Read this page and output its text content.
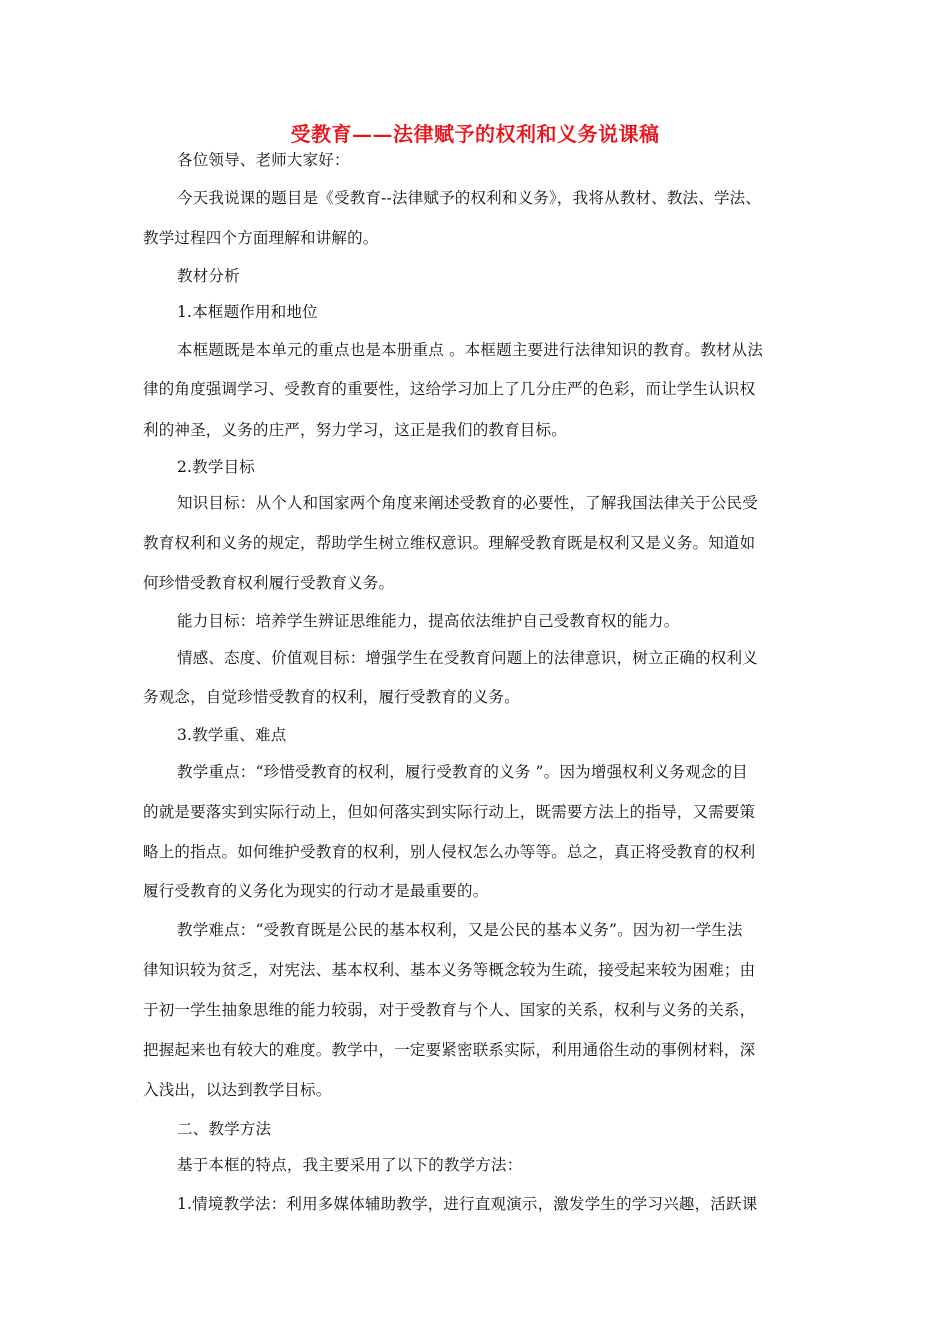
受教育——法律赋予的权利和义务说课稿
各位领导、老师大家好：
今天我说课的题目是《受教育--法律赋予的权利和义务》，我将从教材、教法、学法、
教学过程四个方面理解和讲解的。
教材分析
1.本框题作用和地位
本框题既是本单元的重点也是本册重点 。本框题主要进行法律知识的教育。教材从法
律的角度强调学习、受教育的重要性，这给学习加上了几分庄严的色彩，而让学生认识权
利的神圣，义务的庄严，努力学习，这正是我们的教育目标。
2.教学目标
知识目标：从个人和国家两个角度来阐述受教育的必要性，了解我国法律关于公民受
教育权利和义务的规定，帮助学生树立维权意识。理解受教育既是权利又是义务。知道如
何珍惜受教育权利履行受教育义务。
能力目标：培养学生辨证思维能力，提高依法维护自己受教育权的能力。
情感、态度、价值观目标：增强学生在受教育问题上的法律意识，树立正确的权利义
务观念，自觉珍惜受教育的权利，履行受教育的义务。
3.教学重、难点
教学重点：“珍惜受教育的权利，履行受教育的义务 ”。因为增强权利义务观念的目
的就是要落实到实际行动上，但如何落实到实际行动上，既需要方法上的指导，又需要策
略上的指点。如何维护受教育的权利，别人侵权怎么办等等。总之，真正将受教育的权利
履行受教育的义务化为现实的行动才是最重要的。
教学难点：“受教育既是公民的基本权利，又是公民的基本义务”。因为初一学生法
律知识较为贫乏，对宪法、基本权利、基本义务等概念较为生疏，接受起来较为困难；由
于初一学生抽象思维的能力较弱，对于受教育与个人、国家的关系，权利与义务的关系，
把握起来也有较大的难度。教学中，一定要紧密联系实际，利用通俗生动的事例材料，深
入浅出，以达到教学目标。
二、教学方法
基于本框的特点，我主要采用了以下的教学方法：
1.情境教学法：利用多媒体辅助教学，进行直观演示，激发学生的学习兴趣，活跃课
